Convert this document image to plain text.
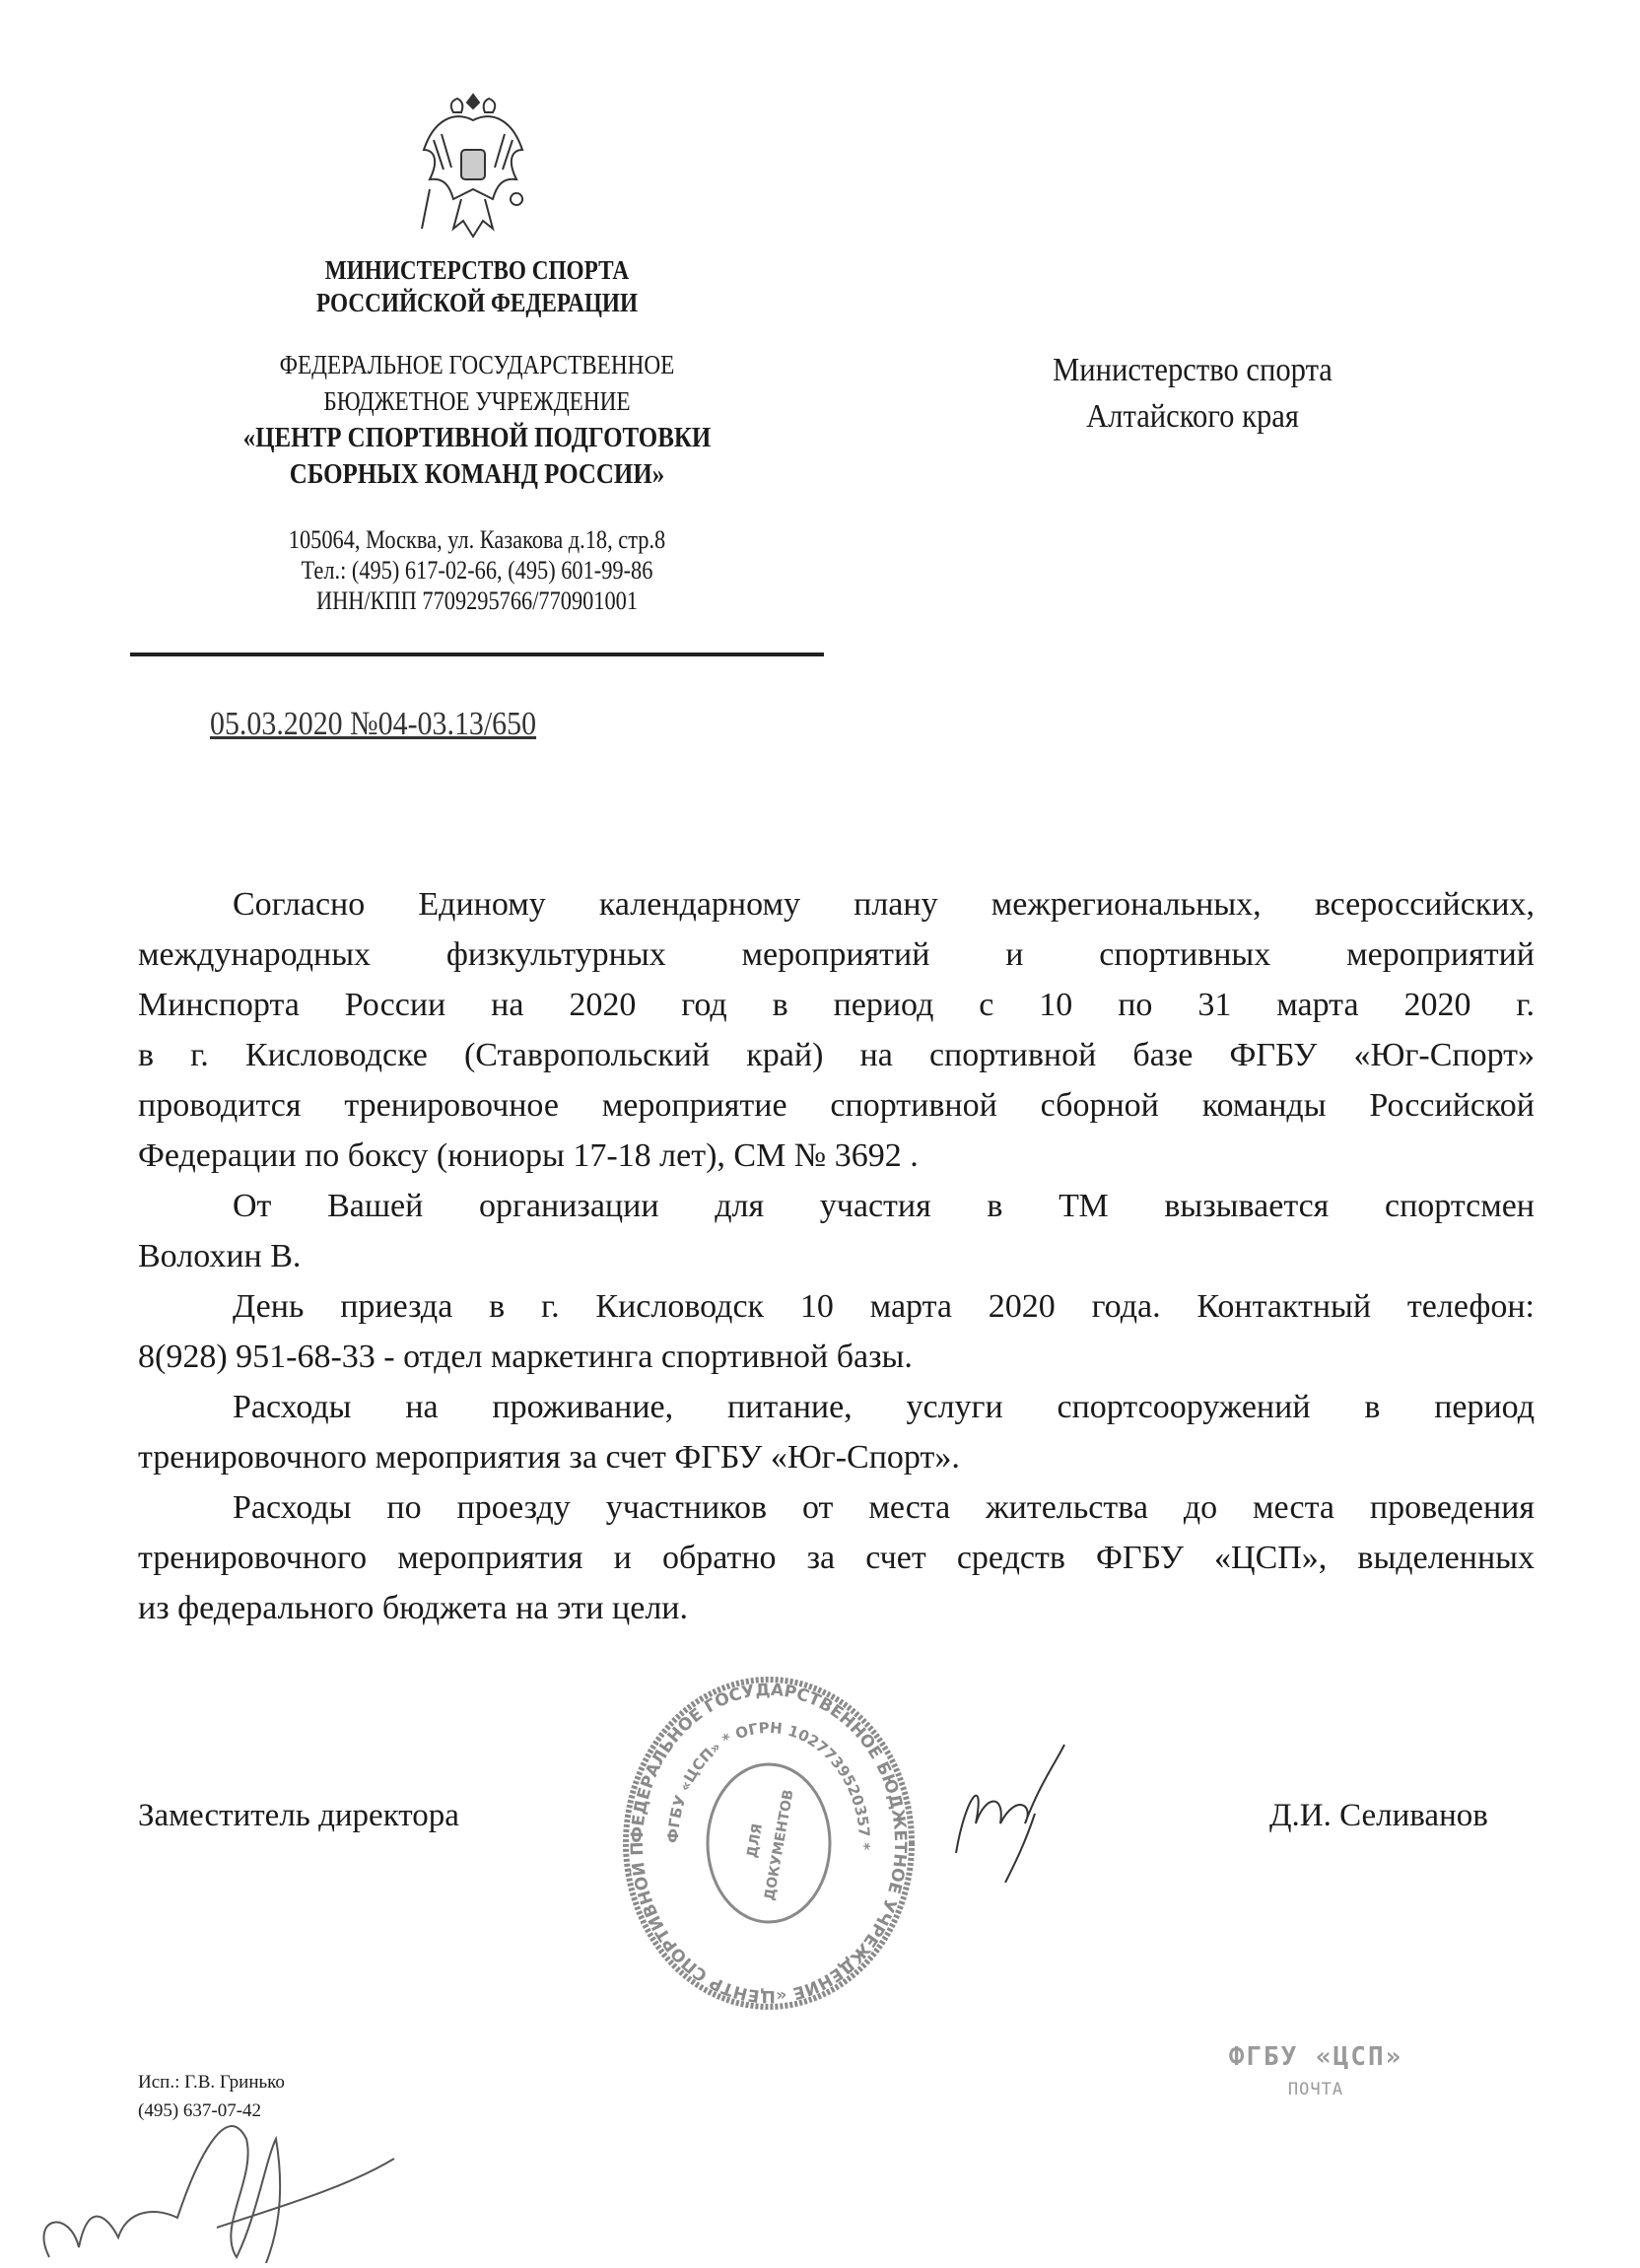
МИНИСТЕРСТВО СПОРТА
РОССИЙСКОЙ ФЕДЕРАЦИИ
ФЕДЕРАЛЬНОЕ ГОСУДАРСТВЕННОЕ
БЮДЖЕТНОЕ УЧРЕЖДЕНИЕ
«ЦЕНТР СПОРТИВНОЙ ПОДГОТОВКИ
СБОРНЫХ КОМАНД РОССИИ»
105064, Москва, ул. Казакова д.18, стр.8
Тел.: (495) 617-02-66, (495) 601-99-86
ИНН/КПП 7709295766/770901001
05.03.2020 №04-03.13/650
Министерство спорта
Алтайского края
Согласно Единому календарному плану межрегиональных, всероссийских,
международных физкультурных мероприятий и спортивных мероприятий
Минспорта России на 2020 год в период с 10 по 31 марта 2020 г.
в г. Кисловодске (Ставропольский край) на спортивной базе ФГБУ «Юг-Спорт»
проводится тренировочное мероприятие спортивной сборной команды Российской
Федерации по боксу (юниоры 17-18 лет), СМ № 3692 .
От Вашей организации для участия в ТМ вызывается спортсмен
Волохин В.
День приезда в г. Кисловодск 10 марта 2020 года. Контактный телефон:
8(928) 951-68-33 - отдел маркетинга спортивной базы.
Расходы на проживание, питание, услуги спортсооружений в период
тренировочного мероприятия за счет ФГБУ «Юг-Спорт».
Расходы по проезду участников от места жительства до места проведения
тренировочного мероприятия и обратно за счет средств ФГБУ «ЦСП», выделенных
из федерального бюджета на эти цели.
ФЕДЕРАЛЬНОЕ ГОСУДАРСТВЕННОЕ БЮДЖЕТНОЕ УЧРЕЖДЕНИЕ «ЦЕНТР СПОРТИВНОЙ П
ФГБУ «ЦСП» * ОГРН 1027739520357 *
ДЛЯ
ДОКУМЕНТОВ
Заместитель директора	Д.И. Селиванов
Исп.: Г.В. Гринько
(495) 637-07-42
ФГБУ «ЦСП»
ПОЧТА
